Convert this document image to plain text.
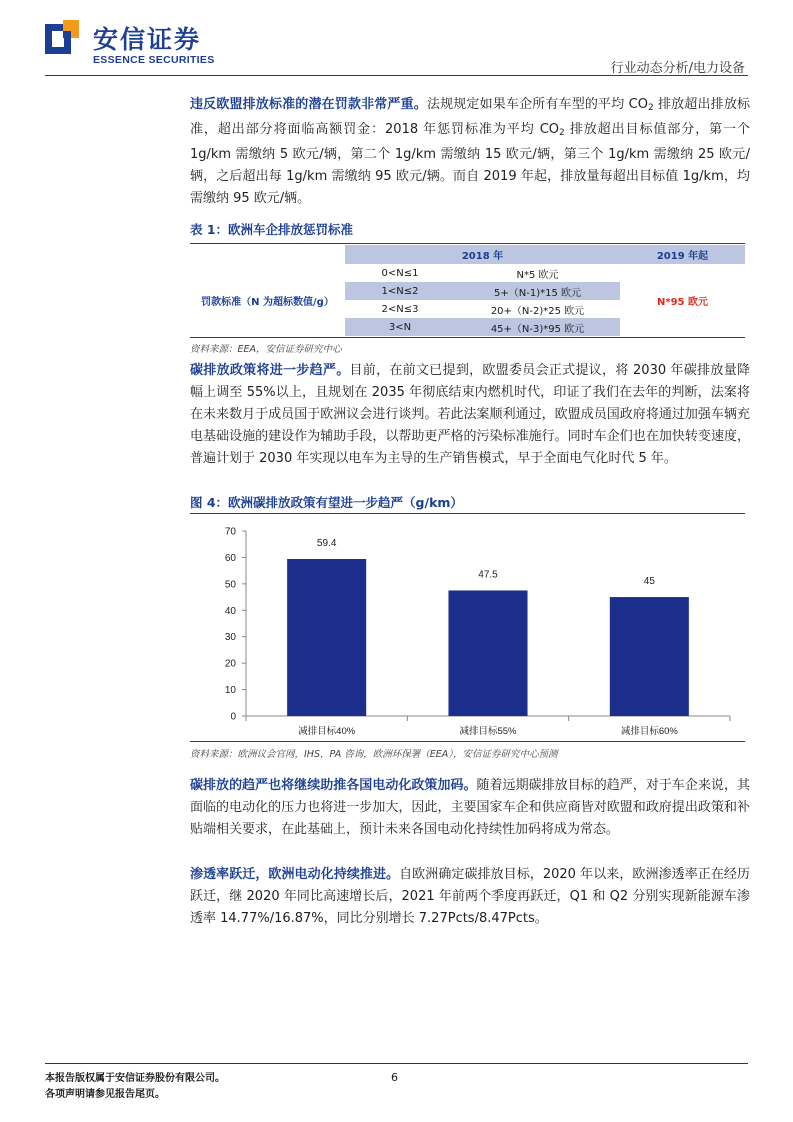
安信证券
ESSENCE SECURITIES
行业动态分析/电力设备

违反欧盟排放标准的潜在罚款非常严重。法规规定如果车企所有车型的平均 $CO_2$ 排放超出排放标准，超出部分将面临高额罚金：2018 年惩罚标准为平均 $CO_2$ 排放超出目标值部分，第一个 1g/km 需缴纳 5 欧元/辆，第二个 1g/km 需缴纳 15 欧元/辆，第三个 1g/km 需缴纳 25 欧元/辆，之后超出每 1g/km 需缴纳 95 欧元/辆。而自 2019 年起，排放量每超出目标值 1g/km，均需缴纳 95 欧元/辆。

表 1：欧洲车企排放惩罚标准
	2018 年		2019 年起
罚款标准（N 为超标数值/g）	0<N≤1	N*5 欧元	N*95 欧元
	1<N≤2	5+（N-1)*15 欧元	
	2<N≤3	20+（N-2)*25 欧元	
	3<N	45+（N-3)*95 欧元	
资料来源：EEA，安信证券研究中心

碳排放政策将进一步趋严。目前，在前文已提到，欧盟委员会正式提议，将 2030 年碳排放量降幅上调至 55%以上，且规划在 2035 年彻底结束内燃机时代，印证了我们在去年的判断，法案将在未来数月于成员国于欧洲议会进行谈判。若此法案顺利通过，欧盟成员国政府将通过加强车辆充电基础设施的建设作为辅助手段，以帮助更严格的污染标准施行。同时车企们也在加快转变速度，普遍计划于 2030 年实现以电车为主导的生产销售模式，早于全面电气化时代 5 年。

图 4：欧洲碳排放政策有望进一步趋严（g/km）
0
10
20
30
40
50
60
70
59.4
减排目标40%
47.5
减排目标55%
45
减排目标60%
资料来源：欧洲议会官网，IHS，PA 咨询，欧洲环保署（EEA），安信证券研究中心预测

碳排放的趋严也将继续助推各国电动化政策加码。随着远期碳排放目标的趋严，对于车企来说，其面临的电动化的压力也将进一步加大，因此，主要国家车企和供应商皆对欧盟和政府提出政策和补贴端相关要求，在此基础上，预计未来各国电动化持续性加码将成为常态。

渗透率跃迁，欧洲电动化持续推进。自欧洲确定碳排放目标，2020 年以来，欧洲渗透率正在经历跃迁，继 2020 年同比高速增长后，2021 年前两个季度再跃迁，Q1 和 Q2 分别实现新能源车渗透率 14.77%/16.87%，同比分别增长 7.27Pcts/8.47Pcts。

本报告版权属于安信证券股份有限公司。
各项声明请参见报告尾页。
6
